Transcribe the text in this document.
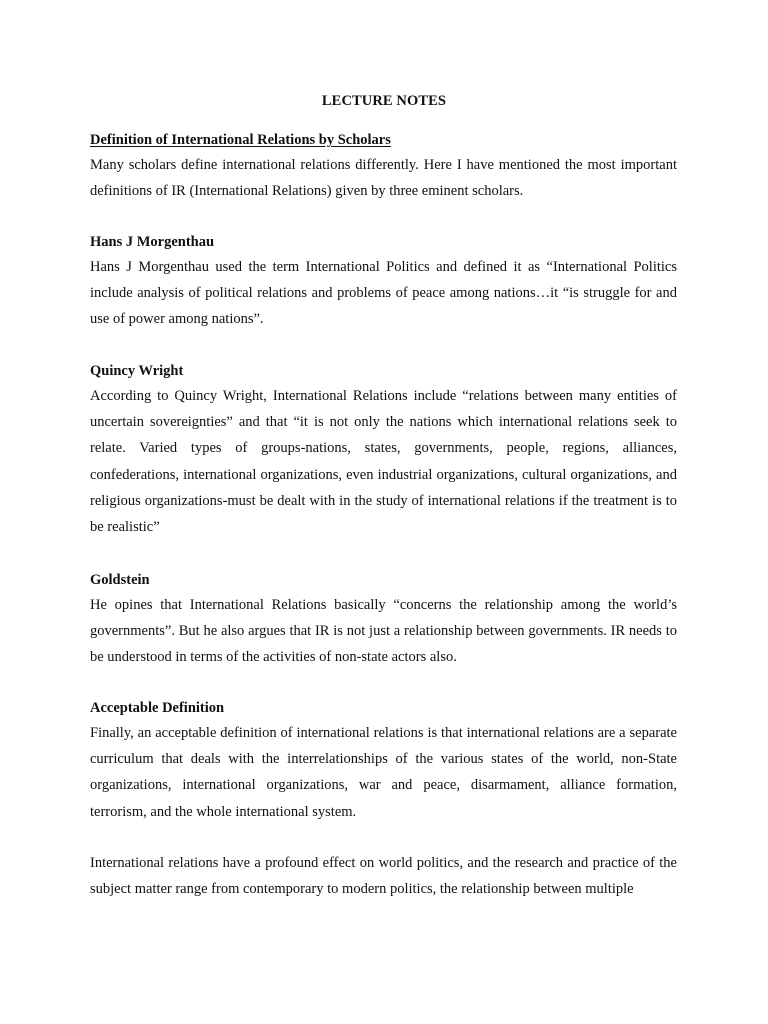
LECTURE NOTES
Definition of International Relations by Scholars
Many scholars define international relations differently. Here I have mentioned the most important definitions of IR (International Relations) given by three eminent scholars.
Hans J Morgenthau
Hans J Morgenthau used the term International Politics and defined it as “International Politics include analysis of political relations and problems of peace among nations…it “is struggle for and use of power among nations”.
Quincy Wright
According to Quincy Wright, International Relations include “relations between many entities of uncertain sovereignties” and that “it is not only the nations which international relations seek to relate. Varied types of groups-nations, states, governments, people, regions, alliances, confederations, international organizations, even industrial organizations, cultural organizations, and religious organizations-must be dealt with in the study of international relations if the treatment is to be realistic”
Goldstein
He opines that International Relations basically “concerns the relationship among the world’s governments”. But he also argues that IR is not just a relationship between governments. IR needs to be understood in terms of the activities of non-state actors also.
Acceptable Definition
Finally, an acceptable definition of international relations is that international relations are a separate curriculum that deals with the interrelationships of the various states of the world, non-State organizations, international organizations, war and peace, disarmament, alliance formation, terrorism, and the whole international system.
International relations have a profound effect on world politics, and the research and practice of the subject matter range from contemporary to modern politics, the relationship between multiple
